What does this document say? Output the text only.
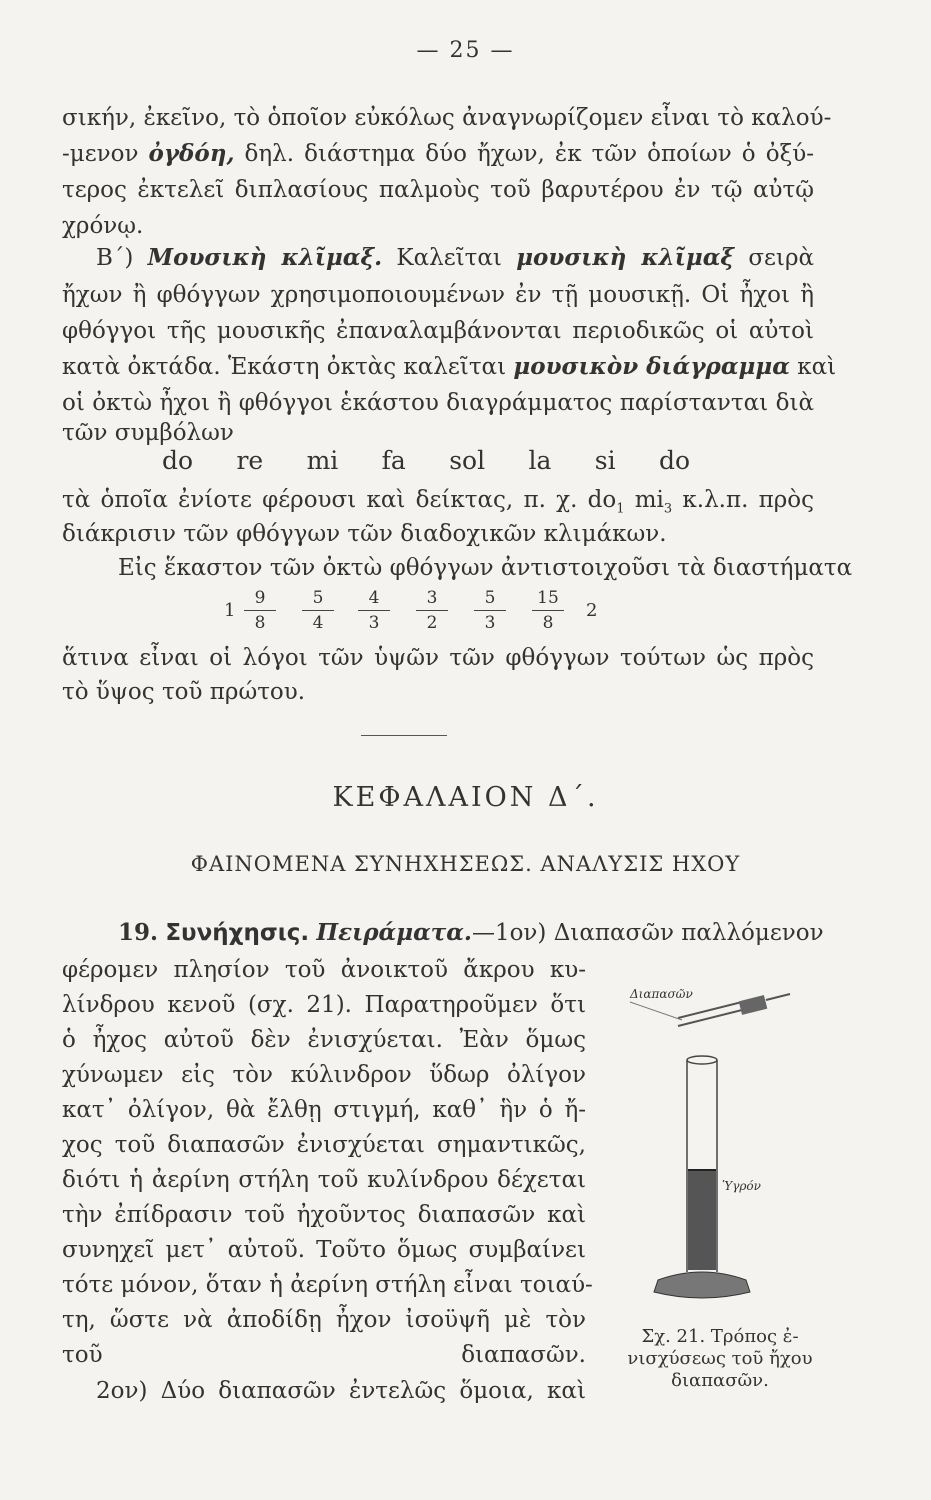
— 25 —
σικήν, ἐκεῖνο, τὸ ὁποῖον εὐκόλως ἀναγνωρίζομεν εἶναι τὸ καλού-
-μενον ὀγδόη, δηλ. διάστημα δύο ἤχων, ἐκ τῶν ὁποίων ὁ ὀξύ-
τερος ἐκτελεῖ διπλασίους παλμοὺς τοῦ βαρυτέρου ἐν τῷ αὐτῷ
χρόνῳ.
Β΄) Μουσικὴ κλῖμαξ. Καλεῖται μουσικὴ κλῖμαξ σειρὰ
ἤχων ἢ φθόγγων χρησιμοποιουμένων ἐν τῇ μουσικῇ. Οἱ ἦχοι ἢ
φθόγγοι τῆς μουσικῆς ἐπαναλαμβάνονται περιοδικῶς οἱ αὐτοὶ
κατὰ ὀκτάδα. Ἑκάστη ὀκτὰς καλεῖται μουσικὸν διάγραμμα καὶ
οἱ ὀκτὼ ἦχοι ἢ φθόγγοι ἑκάστου διαγράμματος παρίστανται διὰ
τῶν συμβόλων
do re mi fa sol la si do
τὰ ὁποῖα ἐνίοτε φέρουσι καὶ δείκτας, π. χ. $do_1$ $mi_3$ κ.λ.π. πρὸς
διάκρισιν τῶν φθόγγων τῶν διαδοχικῶν κλιμάκων.
Εἰς ἕκαστον τῶν ὀκτὼ φθόγγων ἀντιστοιχοῦσι τὰ διαστήματα
1
9
8
5
4
4
3
3
2
5
3
15
8
2
ἅτινα εἶναι οἱ λόγοι τῶν ὑψῶν τῶν φθόγγων τούτων ὡς πρὸς
τὸ ὕψος τοῦ πρώτου.
ΚΕΦΑΛΑΙΟΝ Δ΄.
ΦΑΙΝΟΜΕΝΑ ΣΥΝΗΧΗΣΕΩΣ. ΑΝΑΛΥΣΙΣ ΗΧΟΥ
19. Συνήχησις. Πειράματα.—1ον) Διαπασῶν παλλόμενον
φέρομεν πλησίον τοῦ ἀνοικτοῦ ἄκρου κυ-
λίνδρου κενοῦ (σχ. 21). Παρατηροῦμεν ὅτι
ὁ ἦχος αὐτοῦ δὲν ἐνισχύεται. Ἐὰν ὅμως
χύνωμεν εἰς τὸν κύλινδρον ὕδωρ ὀλίγον
κατ᾽ ὀλίγον, θὰ ἔλθῃ στιγμή, καθ᾽ ἣν ὁ ἤ-
χος τοῦ διαπασῶν ἐνισχύεται σημαντικῶς,
διότι ἡ ἀερίνη στήλη τοῦ κυλίνδρου δέχεται
τὴν ἐπίδρασιν τοῦ ἠχοῦντος διαπασῶν καὶ
συνηχεῖ μετ᾽ αὐτοῦ. Τοῦτο ὅμως συμβαίνει
τότε μόνον, ὅταν ἡ ἀερίνη στήλη εἶναι τοιαύ-
τη, ὥστε νὰ ἀποδίδῃ ἦχον ἰσοϋψῆ μὲ τὸν
τοῦ διαπασῶν.
2ον) Δύο διαπασῶν ἐντελῶς ὅμοια, καὶ
Διαπασῶν
Ὑγρόν
Σχ. 21. Τρόπος ἐ-
νισχύσεως τοῦ ἤχου
διαπασῶν.
